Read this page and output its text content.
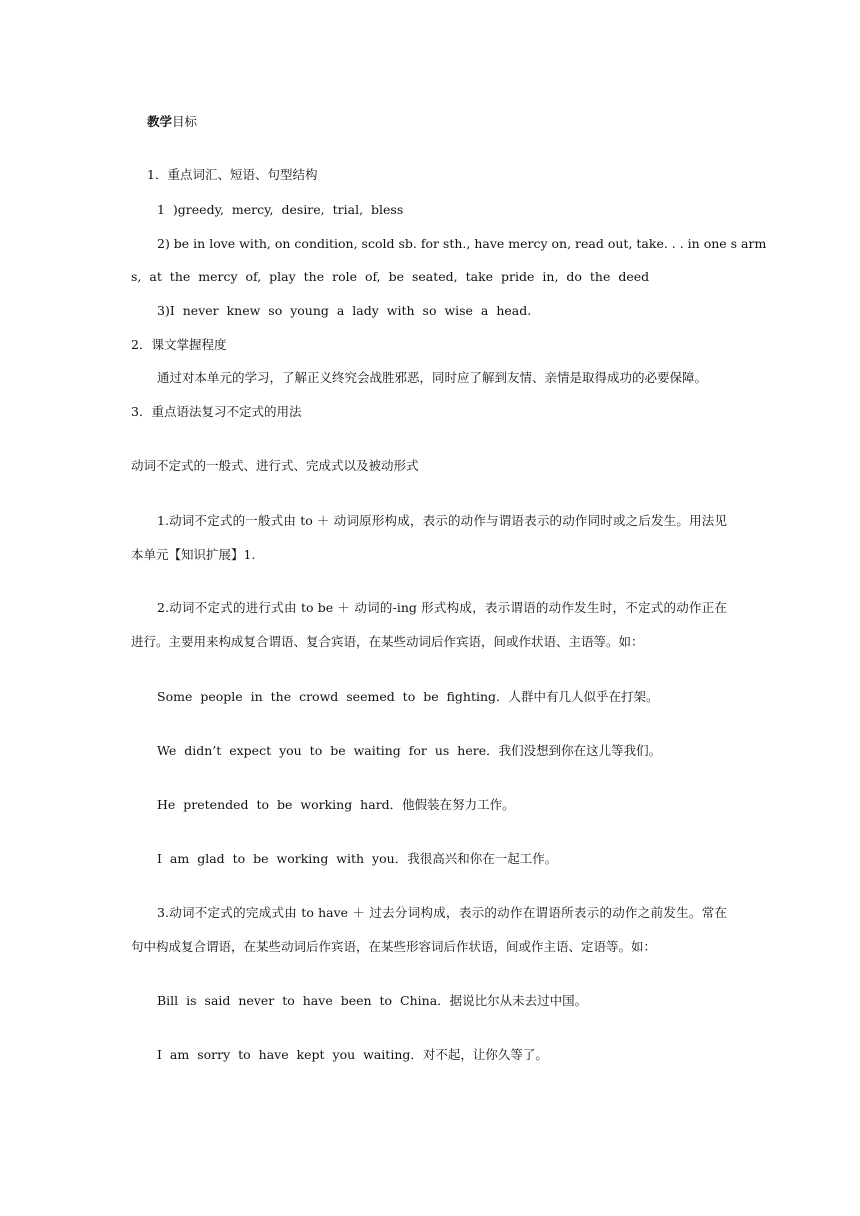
教学目标
1．重点词汇、短语、句型结构
1 )greedy, mercy, desire, trial, bless
2) be in love with, on condition, scold sb. for sth., have mercy on, read out, take. . . in one s arm
s, at the mercy of, play the role of, be seated, take pride in, do the deed
3)I never knew so young a lady with so wise a head.
2．课文掌握程度
通过对本单元的学习，了解正义终究会战胜邪恶，同时应了解到友情、亲情是取得成功的必要保障。
3．重点语法复习不定式的用法
动词不定式的一般式、进行式、完成式以及被动形式
1.动词不定式的一般式由 to ＋ 动词原形构成，表示的动作与谓语表示的动作同时或之后发生。用法见
本单元【知识扩展】1.
2.动词不定式的进行式由 to be ＋ 动词的-ing 形式构成，表示谓语的动作发生时，不定式的动作正在
进行。主要用来构成复合谓语、复合宾语，在某些动词后作宾语，间或作状语、主语等。如：
Some people in the crowd seemed to be fighting．人群中有几人似乎在打架。
We didn’t expect you to be waiting for us here．我们没想到你在这儿等我们。
He pretended to be working hard．他假装在努力工作。
I am glad to be working with you．我很高兴和你在一起工作。
3.动词不定式的完成式由 to have ＋ 过去分词构成，表示的动作在谓语所表示的动作之前发生。常在
句中构成复合谓语，在某些动词后作宾语，在某些形容词后作状语，间或作主语、定语等。如：
Bill is said never to have been to China．据说比尔从未去过中国。
I am sorry to have kept you waiting．对不起，让你久等了。
